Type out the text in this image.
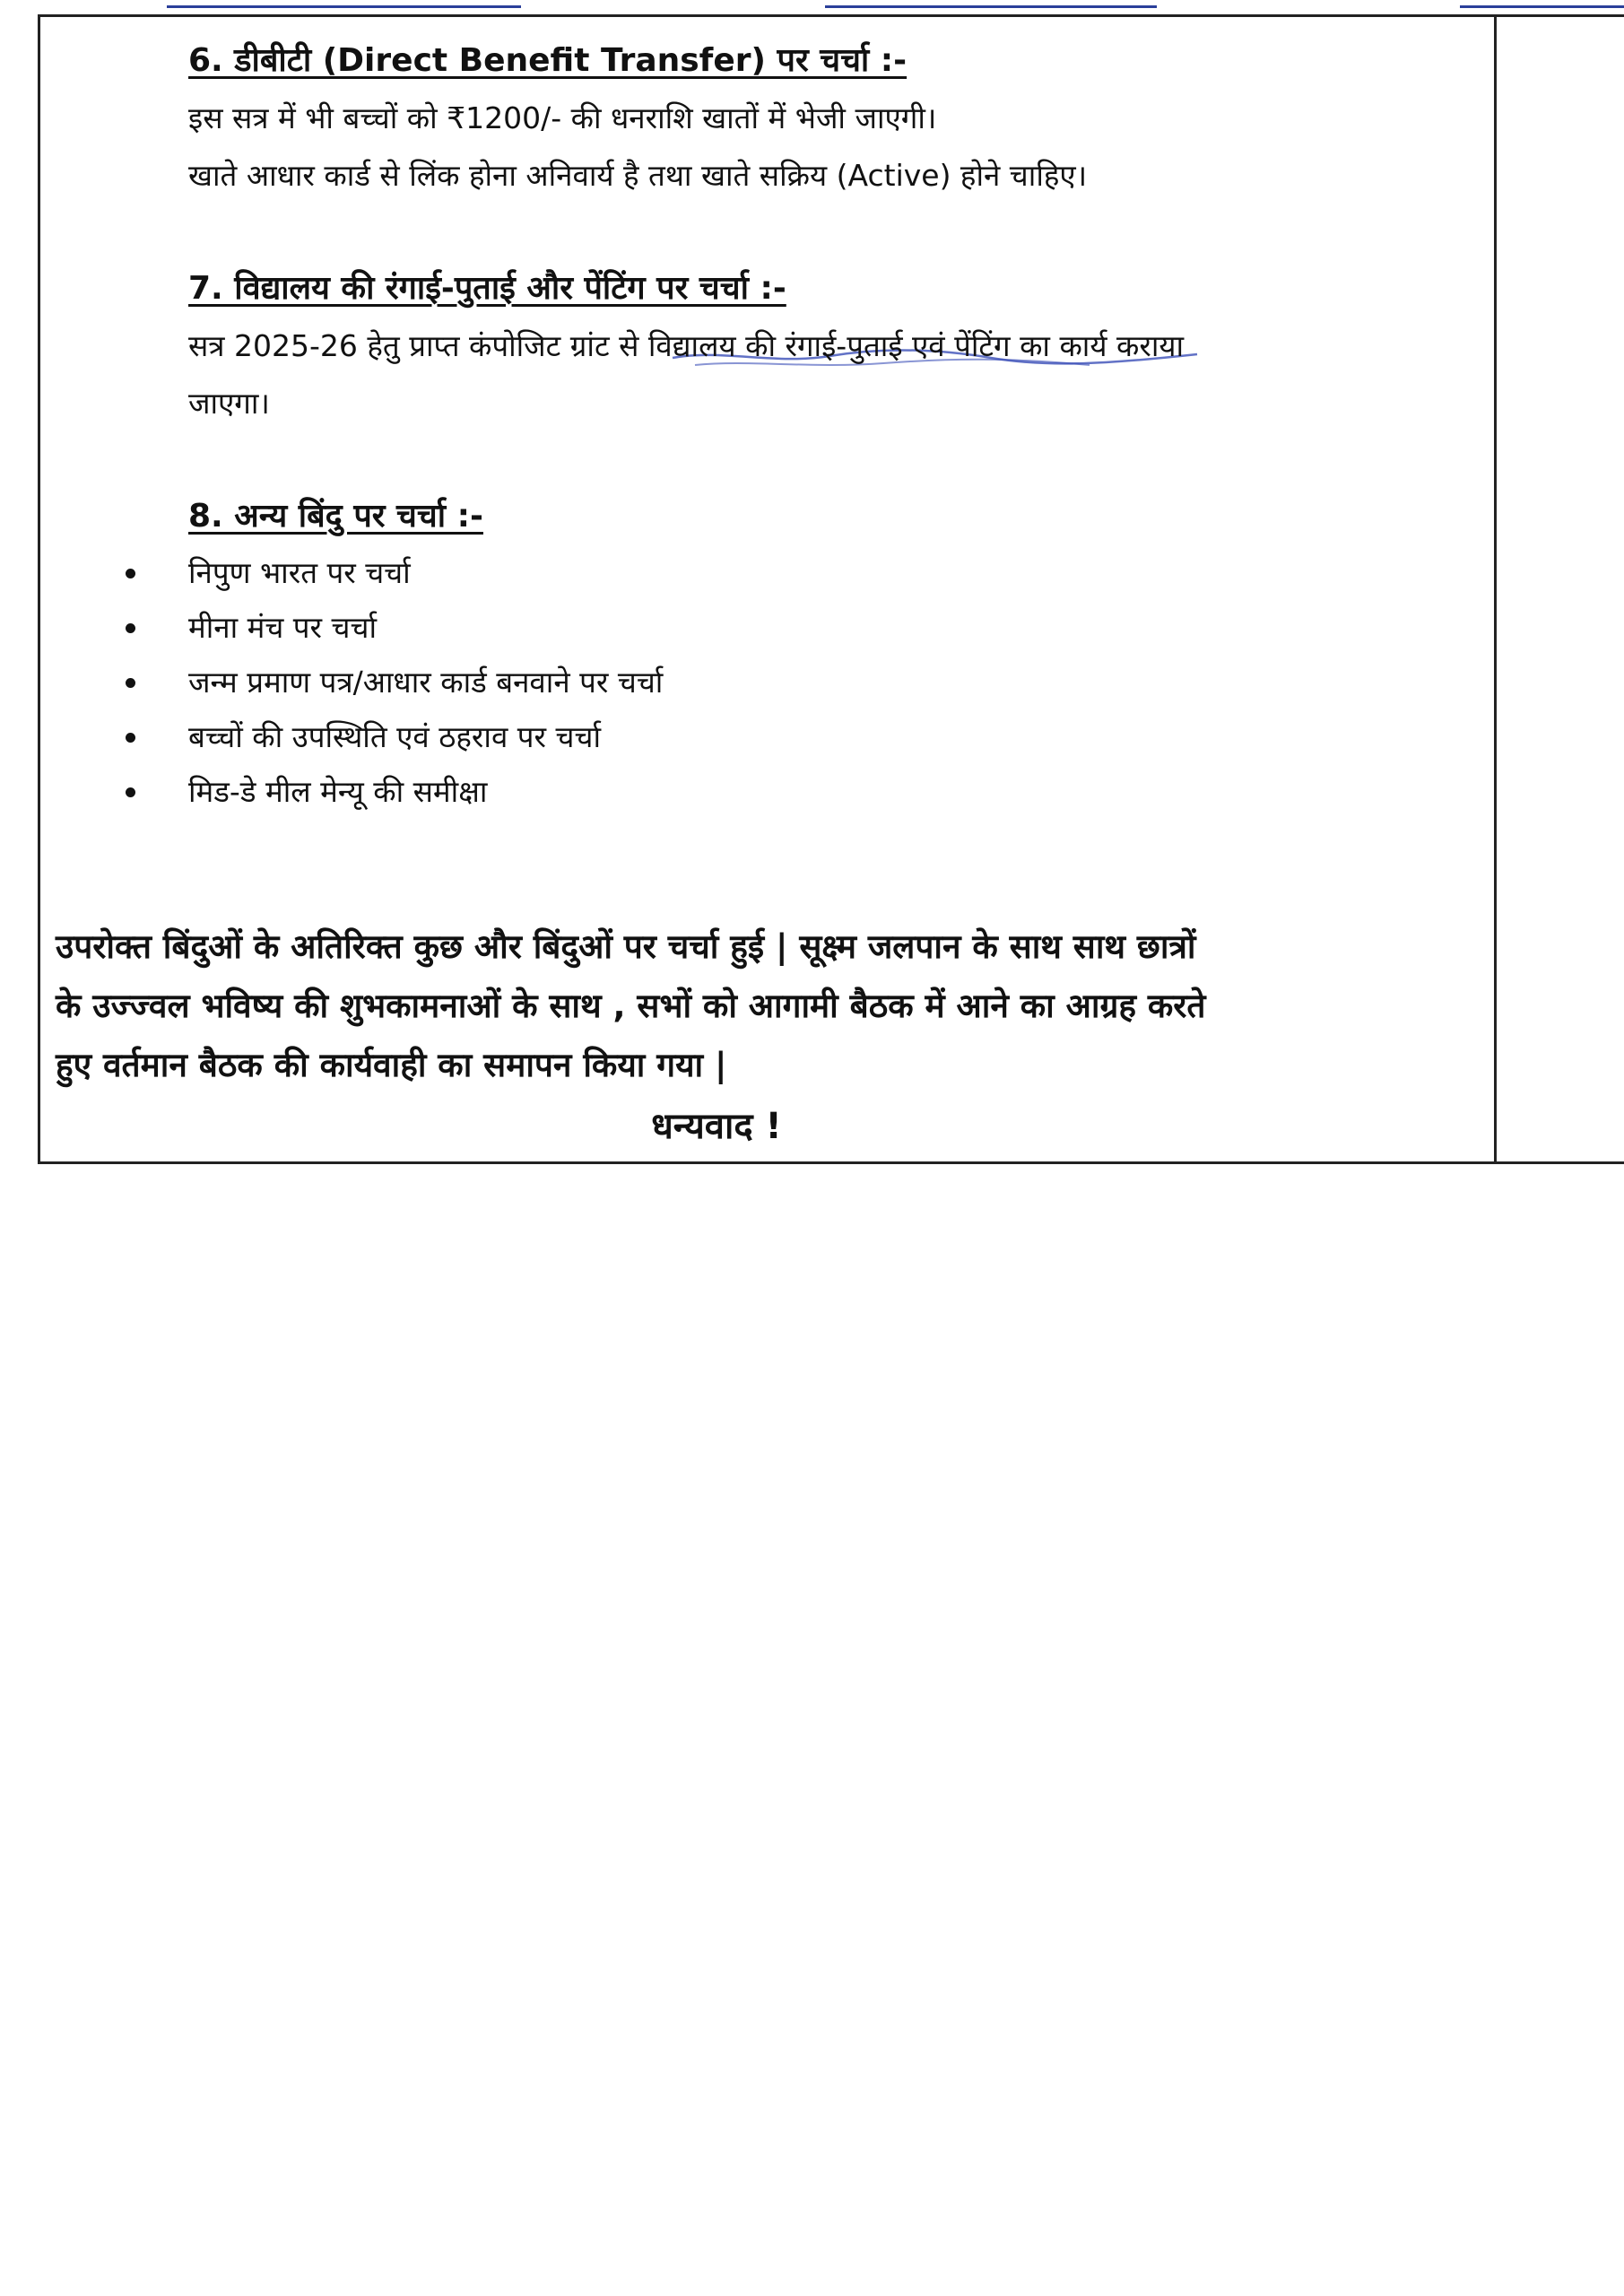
6. डीबीटी (Direct Benefit Transfer) पर चर्चा :-

इस सत्र में भी बच्चों को ₹1200/- की धनराशि खातों में भेजी जाएगी।

खाते आधार कार्ड से लिंक होना अनिवार्य है तथा खाते सक्रिय (Active) होने चाहिए।

7. विद्यालय की रंगाई-पुताई और पेंटिंग पर चर्चा :-

सत्र 2025-26 हेतु प्राप्त कंपोजिट ग्रांट से विद्यालय की रंगाई-पुताई एवं पेंटिंग का कार्य कराया

जाएगा।

8. अन्य बिंदु पर चर्चा :-

निपुण भारत पर चर्चा
मीना मंच पर चर्चा
जन्म प्रमाण पत्र/आधार कार्ड बनवाने पर चर्चा
बच्चों की उपस्थिति एवं ठहराव पर चर्चा
मिड-डे मील मेन्यू की समीक्षा

उपरोक्त बिंदुओं के अतिरिक्त कुछ और बिंदुओं पर चर्चा हुई | सूक्ष्म जलपान के साथ साथ छात्रों

के उज्ज्वल भविष्य की शुभकामनाओं के साथ , सभों को आगामी बैठक में आने का आग्रह करते

हुए वर्तमान बैठक की कार्यवाही का समापन किया गया |

धन्यवाद !
